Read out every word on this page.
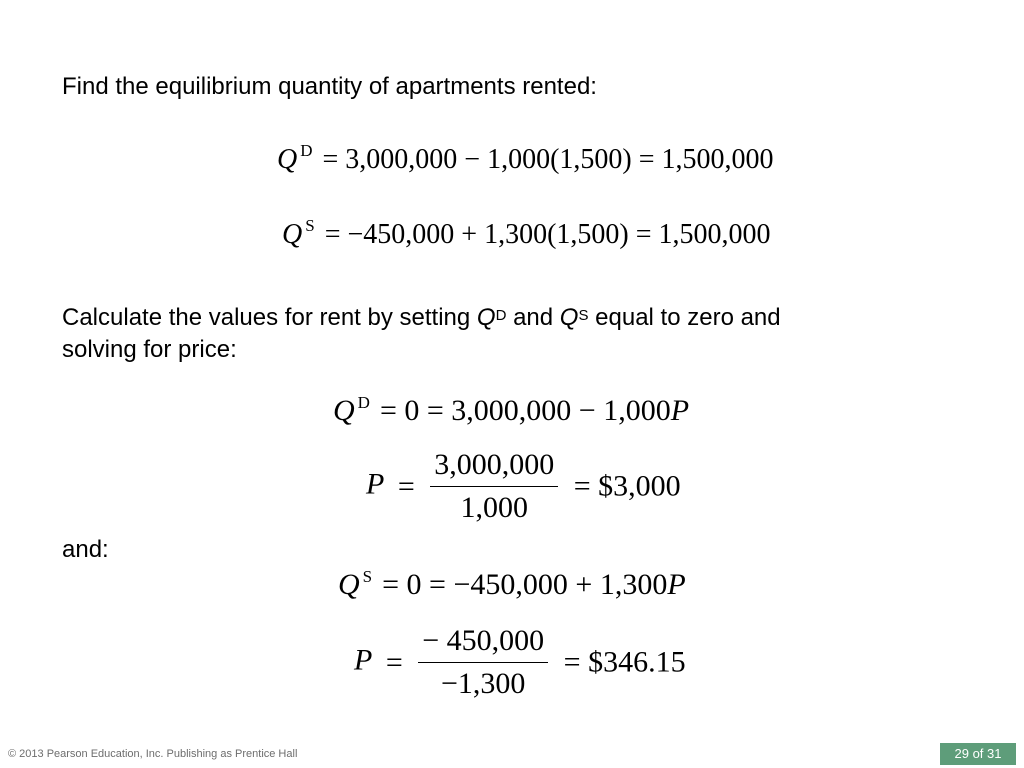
Find the equilibrium quantity of apartments rented:
Q $^D$ = 3,000,000 − 1,000(1,500) = 1,500,000
Q $^S$ = −450,000 + 1,300(1,500) = 1,500,000
Calculate the values for rent by setting $Q^D$ and $Q^S$ equal to zero and
solving for price:
Q $^D$ = 0 = 3,000,000 − 1,000P
$P = \frac{3,000,000}{1,000}$ = $3,000
and:
Q $^S$ = 0 = −450,000 + 1,300P
$P = \frac{- 450,000}{-1,300}$ = $346.15
© 2013 Pearson Education, Inc. Publishing as Prentice Hall	29 of 31
